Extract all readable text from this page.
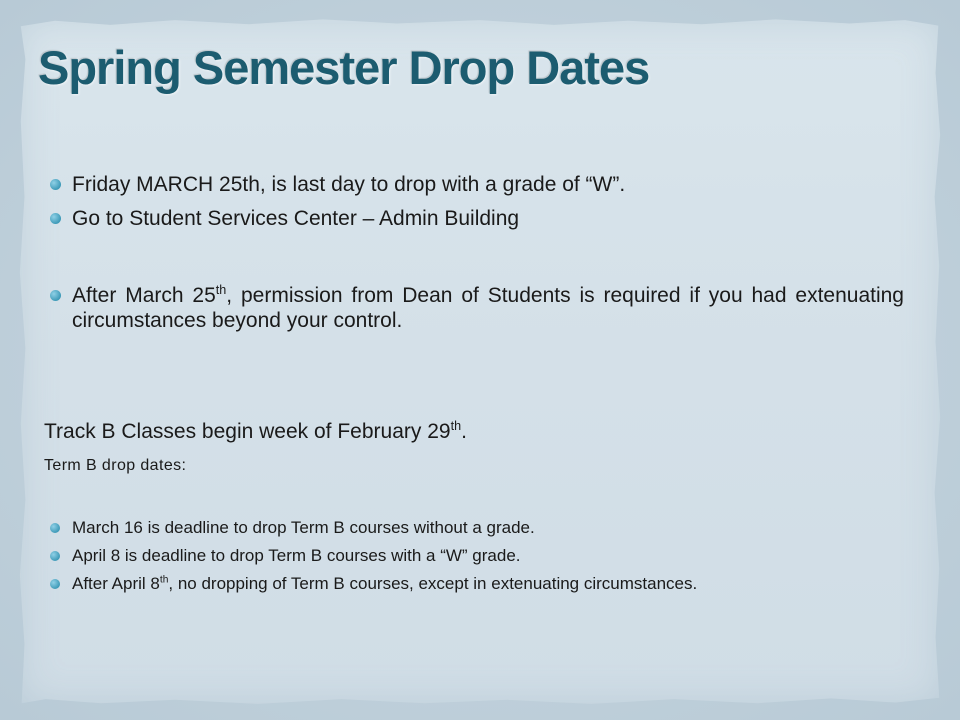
Spring Semester Drop Dates
Friday MARCH 25th, is last day to drop with a grade of “W”.
Go to Student Services Center – Admin Building
After March 25th, permission from Dean of Students is required if you had extenuating circumstances beyond your control.
Track B Classes begin week of February 29th.
Term B drop dates:
March 16 is deadline to drop Term B courses without a grade.
April 8 is deadline to drop Term B courses with a “W” grade.
After April 8th, no dropping of Term B courses, except in extenuating circumstances.
